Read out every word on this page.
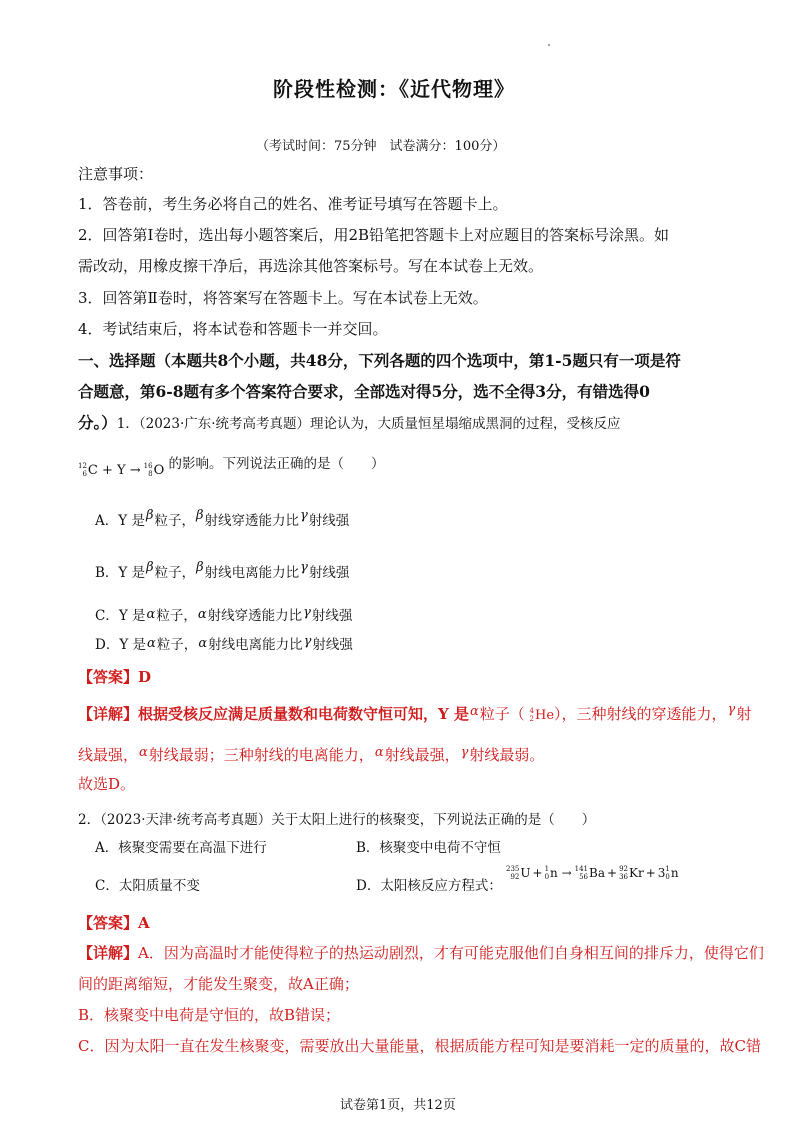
阶段性检测：《近代物理》
（考试时间：75分钟　试卷满分：100分）
注意事项：
1．答卷前，考生务必将自己的姓名、准考证号填写在答题卡上。
2．回答第Ⅰ卷时，选出每小题答案后，用2B铅笔把答题卡上对应题目的答案标号涂黑。如
需改动，用橡皮擦干净后，再选涂其他答案标号。写在本试卷上无效。
3．回答第Ⅱ卷时，将答案写在答题卡上。写在本试卷上无效。
4．考试结束后，将本试卷和答题卡一并交回。
一、选择题（本题共8个小题，共48分，下列各题的四个选项中，第1-5题只有一项是符
合题意，第6-8题有多个答案符合要求，全部选对得5分，选不全得3分，有错选得0
分。）1．（2023·广东·统考高考真题）理论认为，大质量恒星塌缩成黑洞的过程，受核反应
12
6 C + Y → 16
8 O 的影响。下列说法正确的是（　　）
A．Y 是β粒子，β射线穿透能力比γ射线强
B．Y 是β粒子，β射线电离能力比γ射线强
C．Y 是α粒子，α射线穿透能力比γ射线强
D．Y 是α粒子，α射线电离能力比γ射线强
【答案】D
【详解】根据受核反应满足质量数和电荷数守恒可知，Y 是α粒子（ 4
2 He ），三种射线的穿透能力，γ射
线最强，α射线最弱；三种射线的电离能力，α射线最强，γ射线最弱。
故选D。
2．（2023·天津·统考高考真题）关于太阳上进行的核聚变，下列说法正确的是（　　）
A．核聚变需要在高温下进行	B．核聚变中电荷不守恒
C．太阳质量不变	D．太阳核反应方程式：
235
92 U + 1
0 n → 141
56 Ba + 92
36 Kr + 3 1
0 n
【答案】A
【详解】A．因为高温时才能使得粒子的热运动剧烈，才有可能克服他们自身相互间的排斥力，使得它们
间的距离缩短，才能发生聚变，故A正确；
B．核聚变中电荷是守恒的，故B错误；
C．因为太阳一直在发生核聚变，需要放出大量能量，根据质能方程可知是要消耗一定的质量的，故C错
试卷第1页，共12页
